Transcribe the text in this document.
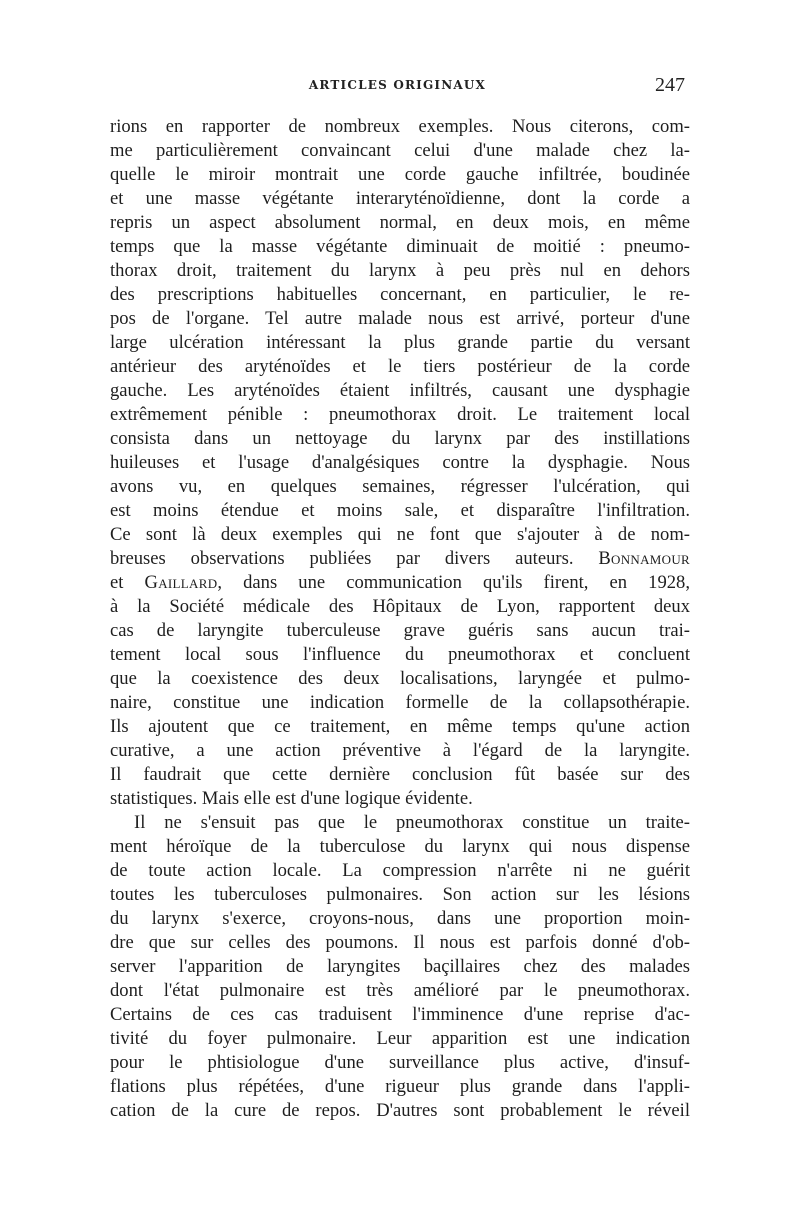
ARTICLES ORIGINAUX	247
rions en rapporter de nombreux exemples. Nous citerons, com-
me particulièrement convaincant celui d'une malade chez la-
quelle le miroir montrait une corde gauche infiltrée, boudinée
et une masse végétante interaryténoïdienne, dont la corde a
repris un aspect absolument normal, en deux mois, en même
temps que la masse végétante diminuait de moitié : pneumo-
thorax droit, traitement du larynx à peu près nul en dehors
des prescriptions habituelles concernant, en particulier, le re-
pos de l'organe. Tel autre malade nous est arrivé, porteur d'une
large ulcération intéressant la plus grande partie du versant
antérieur des aryténoïdes et le tiers postérieur de la corde
gauche. Les aryténoïdes étaient infiltrés, causant une dysphagie
extrêmement pénible : pneumothorax droit. Le traitement local
consista dans un nettoyage du larynx par des instillations
huileuses et l'usage d'analgésiques contre la dysphagie. Nous
avons vu, en quelques semaines, régresser l'ulcération, qui
est moins étendue et moins sale, et disparaître l'infiltration.
Ce sont là deux exemples qui ne font que s'ajouter à de nom-
breuses observations publiées par divers auteurs. Bonnamour
et Gaillard, dans une communication qu'ils firent, en 1928,
à la Société médicale des Hôpitaux de Lyon, rapportent deux
cas de laryngite tuberculeuse grave guéris sans aucun trai-
tement local sous l'influence du pneumothorax et concluent
que la coexistence des deux localisations, laryngée et pulmo-
naire, constitue une indication formelle de la collapsothérapie.
Ils ajoutent que ce traitement, en même temps qu'une action
curative, a une action préventive à l'égard de la laryngite.
Il faudrait que cette dernière conclusion fût basée sur des
statistiques. Mais elle est d'une logique évidente.
Il ne s'ensuit pas que le pneumothorax constitue un traite-
ment héroïque de la tuberculose du larynx qui nous dispense
de toute action locale. La compression n'arrête ni ne guérit
toutes les tuberculoses pulmonaires. Son action sur les lésions
du larynx s'exerce, croyons-nous, dans une proportion moin-
dre que sur celles des poumons. Il nous est parfois donné d'ob-
server l'apparition de laryngites baçillaires chez des malades
dont l'état pulmonaire est très amélioré par le pneumothorax.
Certains de ces cas traduisent l'imminence d'une reprise d'ac-
tivité du foyer pulmonaire. Leur apparition est une indication
pour le phtisiologue d'une surveillance plus active, d'insuf-
flations plus répétées, d'une rigueur plus grande dans l'appli-
cation de la cure de repos. D'autres sont probablement le réveil
